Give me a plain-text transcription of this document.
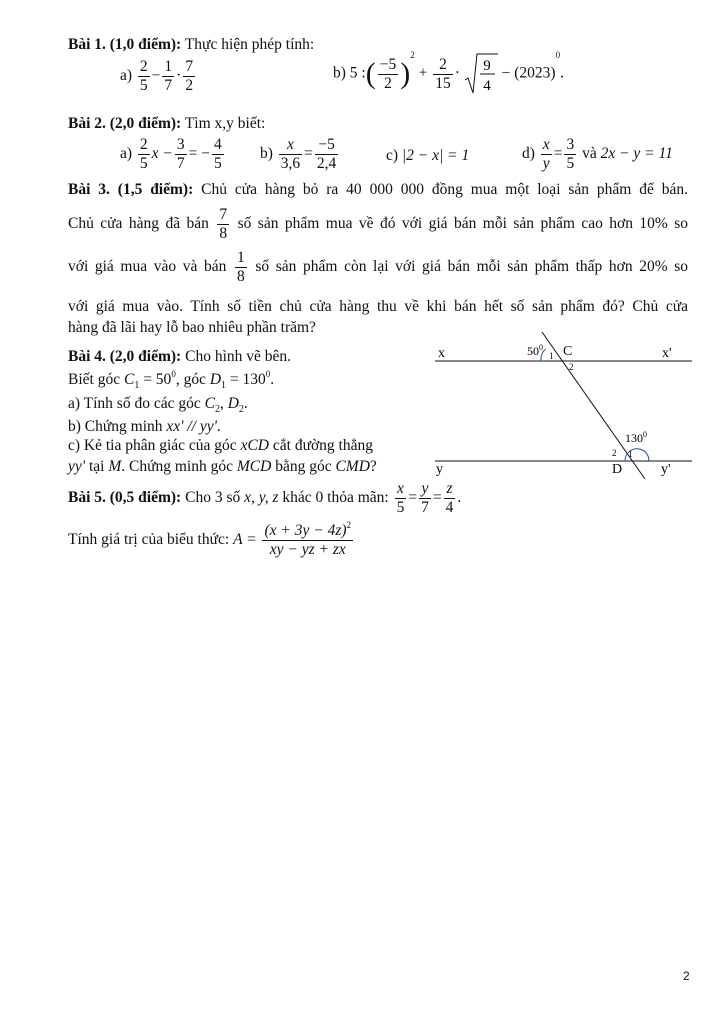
Bài 1. (1,0 điểm): Thực hiện phép tính:
$a) \frac{2}{5} - \frac{1}{7} \cdot \frac{7}{2}$	b) 5 :( $\frac{-5}{2} )^2 + \frac{2}{15} \cdot 9$
4
− $(2023)^0$.
Bài 2. (2,0 điểm): Tìm x,y biết:
$a) \frac{2}{5}$ $x - \frac{3}{7}$ = − $\frac{4}{5} b) \frac{x}{3,6} = \frac{-5}{2,4}$	c) |2 − x| = 1	$d) \frac{x}{y} = \frac{3}{5}$ và 2x − y = 11
Bài 3. (1,5 điểm): Chủ cửa hàng bỏ ra 40 000 000 đồng mua một loại sản phẩm để bán.
Chủ cửa hàng đã bán $\frac{7}{8}$ số sản phẩm mua về đó với giá bán mỗi sản phẩm cao hơn 10% so
với giá mua vào và bán $\frac{1}{8}$ số sản phẩm còn lại với giá bán mỗi sản phẩm thấp hơn 20% so
với giá mua vào. Tính số tiền chủ cửa hàng thu về khi bán hết số sản phẩm đó? Chủ cửa
hàng đã lãi hay lỗ bao nhiêu phần trăm?
Bài 4. (2,0 điểm): Cho hình vẽ bên.
Biết góc $C_1 = 50^0$, góc $D_1 = 130^0$.
a) Tính số đo các góc $C_2$, $D_2$.
b) Chứng minh xx' // yy'.
c) Kẻ tia phân giác của góc xCD cắt đường thẳng
yy' tại M. Chứng minh góc MCD bằng góc CMD?
x	x'
y	y'
C
D
$50^0$
$130^0$
1
2
2 1
Bài 5. (0,5 điểm): Cho 3 số x, y, z khác 0 thỏa mãn: $\frac{x}{5} = \frac{y}{7} = \frac{z}{4}$ .
Tính giá trị của biểu thức: $A = \frac{(x + 3y - 4z)^2}{xy - yz + zx}$
2
